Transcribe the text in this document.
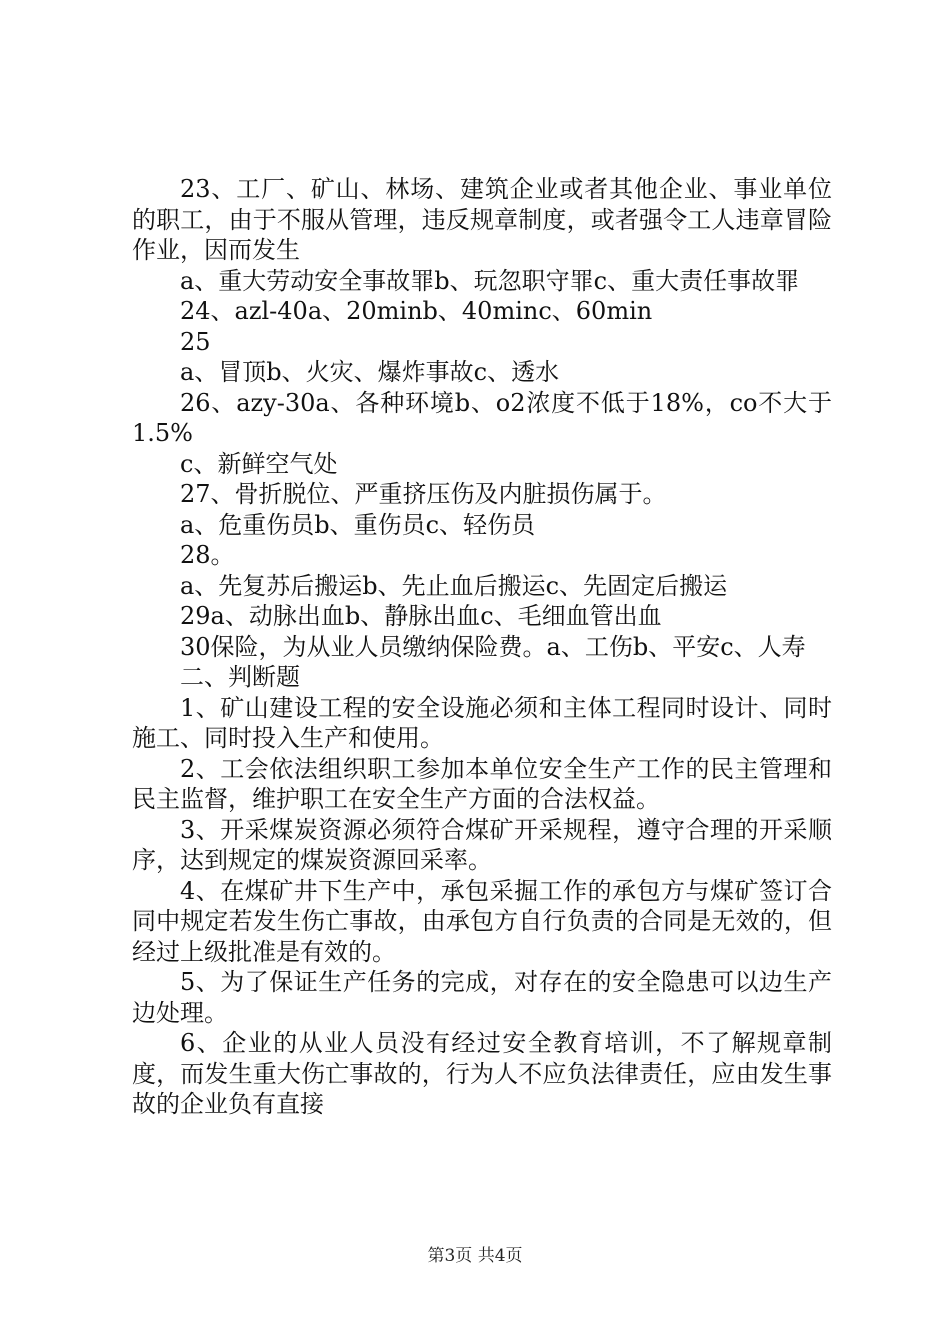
23、工厂、矿山、林场、建筑企业或者其他企业、事业单位的职工，由于不服从管理，违反规章制度，或者强令工人违章冒险作业，因而发生

a、重大劳动安全事故罪b、玩忽职守罪c、重大责任事故罪

24、azl-40a、20minb、40minc、60min

25

a、冒顶b、火灾、爆炸事故c、透水

26、azy-30a、各种环境b、o2浓度不低于18%，co不大于1.5%

c、新鲜空气处

27、骨折脱位、严重挤压伤及内脏损伤属于。

a、危重伤员b、重伤员c、轻伤员

28。

a、先复苏后搬运b、先止血后搬运c、先固定后搬运

29a、动脉出血b、静脉出血c、毛细血管出血

30保险，为从业人员缴纳保险费。a、工伤b、平安c、人寿

二、判断题

1、矿山建设工程的安全设施必须和主体工程同时设计、同时施工、同时投入生产和使用。

2、工会依法组织职工参加本单位安全生产工作的民主管理和民主监督，维护职工在安全生产方面的合法权益。

3、开采煤炭资源必须符合煤矿开采规程，遵守合理的开采顺序，达到规定的煤炭资源回采率。

4、在煤矿井下生产中，承包采掘工作的承包方与煤矿签订合同中规定若发生伤亡事故，由承包方自行负责的合同是无效的，但经过上级批准是有效的。

5、为了保证生产任务的完成，对存在的安全隐患可以边生产边处理。

6、企业的从业人员没有经过安全教育培训，不了解规章制度，而发生重大伤亡事故的，行为人不应负法律责任，应由发生事故的企业负有直接

第3页 共4页
